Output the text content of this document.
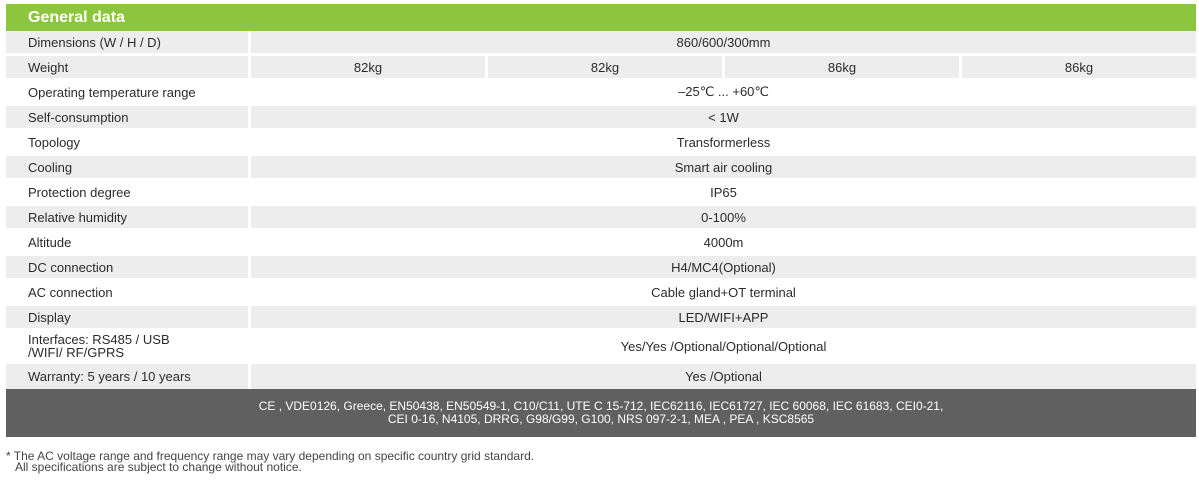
General data
Dimensions (W / H / D)	860/600/300mm
Weight	82kg	82kg	86kg	86kg
Operating temperature range	–25℃ ... +60℃
Self-consumption	< 1W
Topology	Transformerless
Cooling	Smart air cooling
Protection degree	IP65
Relative humidity	0-100%
Altitude	4000m
DC connection	H4/MC4(Optional)
AC connection	Cable gland+OT terminal
Display	LED/WIFI+APP
Interfaces: RS485 / USB
/WIFI/ RF/GPRS	Yes/Yes /Optional/Optional/Optional
Warranty: 5 years / 10 years	Yes /Optional
CE , VDE0126, Greece, EN50438, EN50549-1, C10/C11, UTE C 15-712, IEC62116, IEC61727, IEC 60068, IEC 61683, CEI0-21,
CEI 0-16, N4105, DRRG, G98/G99, G100, NRS 097-2-1, MEA , PEA , KSC8565
* The AC voltage range and frequency range may vary depending on specific country grid standard.
All specifications are subject to change without notice.
